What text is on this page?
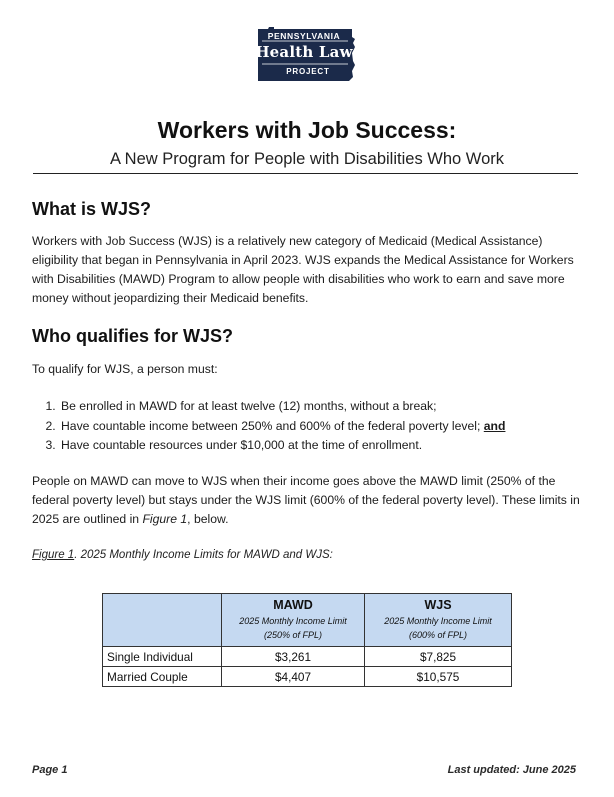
PENNSYLVANIA
Health Law
PROJECT
Workers with Job Success:
A New Program for People with Disabilities Who Work
What is WJS?

Workers with Job Success (WJS) is a relatively new category of Medicaid (Medical Assistance) eligibility that began in Pennsylvania in April 2023. WJS expands the Medical Assistance for Workers with Disabilities (MAWD) Program to allow people with disabilities who work to earn and save more money without jeopardizing their Medicaid benefits.

Who qualifies for WJS?

To qualify for WJS, a person must:

1. Be enrolled in MAWD for at least twelve (12) months, without a break;
2. Have countable income between 250% and 600% of the federal poverty level; and
3. Have countable resources under $10,000 at the time of enrollment.

People on MAWD can move to WJS when their income goes above the MAWD limit (250% of the federal poverty level) but stays under the WJS limit (600% of the federal poverty level). These limits in 2025 are outlined in Figure 1, below.

Figure 1. 2025 Monthly Income Limits for MAWD and WJS:

	MAWD
2025 Monthly Income Limit
(250% of FPL)	WJS
2025 Monthly Income Limit
(600% of FPL)

Single Individual	$3,261	$7,825
Married Couple	$4,407	$10,575
Page 1	Last updated: June 2025
